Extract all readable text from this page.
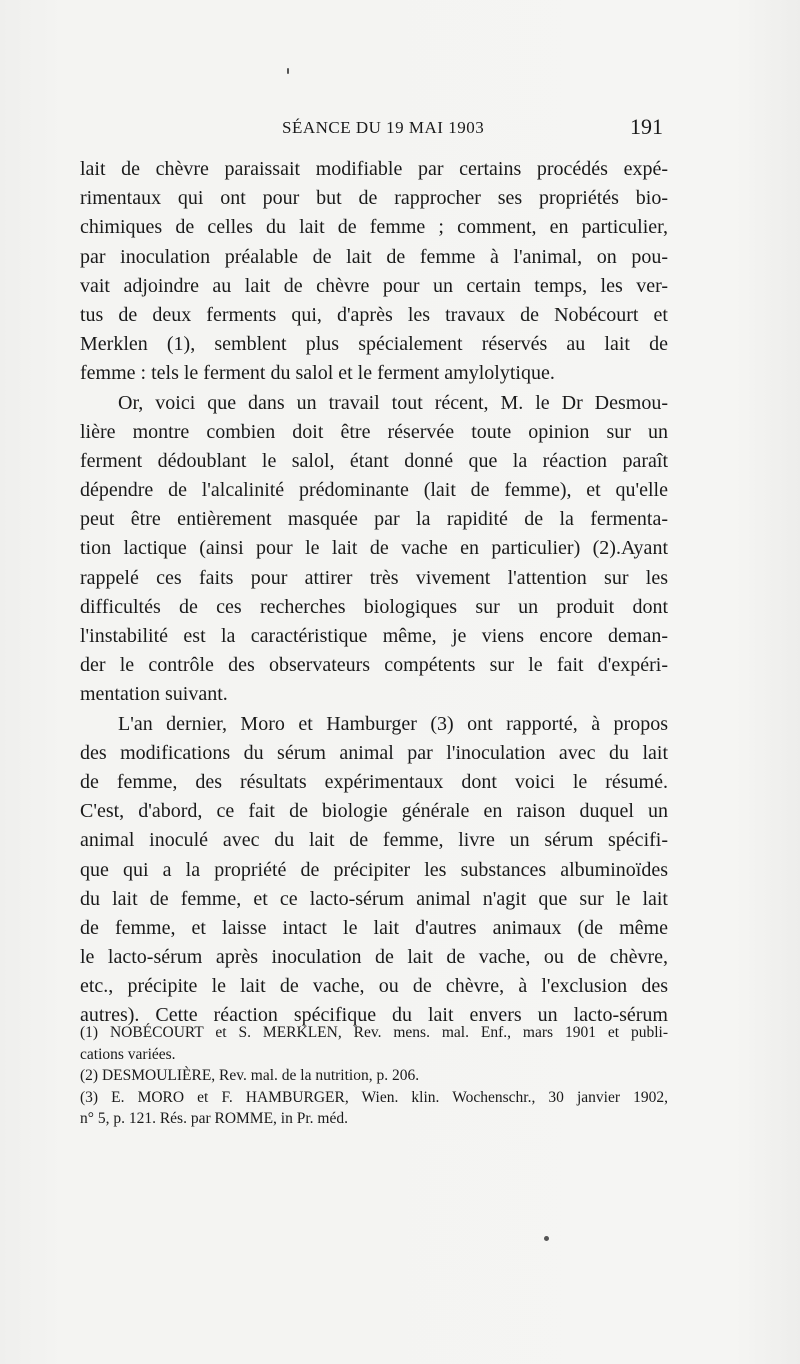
SÉANCE DU 19 MAI 1903	191
lait de chèvre paraissait modifiable par certains procédés expé-
rimentaux qui ont pour but de rapprocher ses propriétés bio-
chimiques de celles du lait de femme ; comment, en particulier,
par inoculation préalable de lait de femme à l'animal, on pou-
vait adjoindre au lait de chèvre pour un certain temps, les ver-
tus de deux ferments qui, d'après les travaux de Nobécourt et
Merklen (1), semblent plus spécialement réservés au lait de
femme : tels le ferment du salol et le ferment amylolytique.
Or, voici que dans un travail tout récent, M. le Dr Desmou-
lière montre combien doit être réservée toute opinion sur un
ferment dédoublant le salol, étant donné que la réaction paraît
dépendre de l'alcalinité prédominante (lait de femme), et qu'elle
peut être entièrement masquée par la rapidité de la fermenta-
tion lactique (ainsi pour le lait de vache en particulier) (2).Ayant
rappelé ces faits pour attirer très vivement l'attention sur les
difficultés de ces recherches biologiques sur un produit dont
l'instabilité est la caractéristique même, je viens encore deman-
der le contrôle des observateurs compétents sur le fait d'expéri-
mentation suivant.
L'an dernier, Moro et Hamburger (3) ont rapporté, à propos
des modifications du sérum animal par l'inoculation avec du lait
de femme, des résultats expérimentaux dont voici le résumé.
C'est, d'abord, ce fait de biologie générale en raison duquel un
animal inoculé avec du lait de femme, livre un sérum spécifi-
que qui a la propriété de précipiter les substances albuminoïdes
du lait de femme, et ce lacto-sérum animal n'agit que sur le lait
de femme, et laisse intact le lait d'autres animaux (de même
le lacto-sérum après inoculation de lait de vache, ou de chèvre,
etc., précipite le lait de vache, ou de chèvre, à l'exclusion des
autres). Cette réaction spécifique du lait envers un lacto-sérum
(1) NOBÉCOURT et S. MERKLEN, Rev. mens. mal. Enf., mars 1901 et publi-
cations variées.
(2) DESMOULIÈRE, Rev. mal. de la nutrition, p. 206.
(3) E. MORO et F. HAMBURGER, Wien. klin. Wochenschr., 30 janvier 1902,
n° 5, p. 121. Rés. par ROMME, in Pr. méd.
